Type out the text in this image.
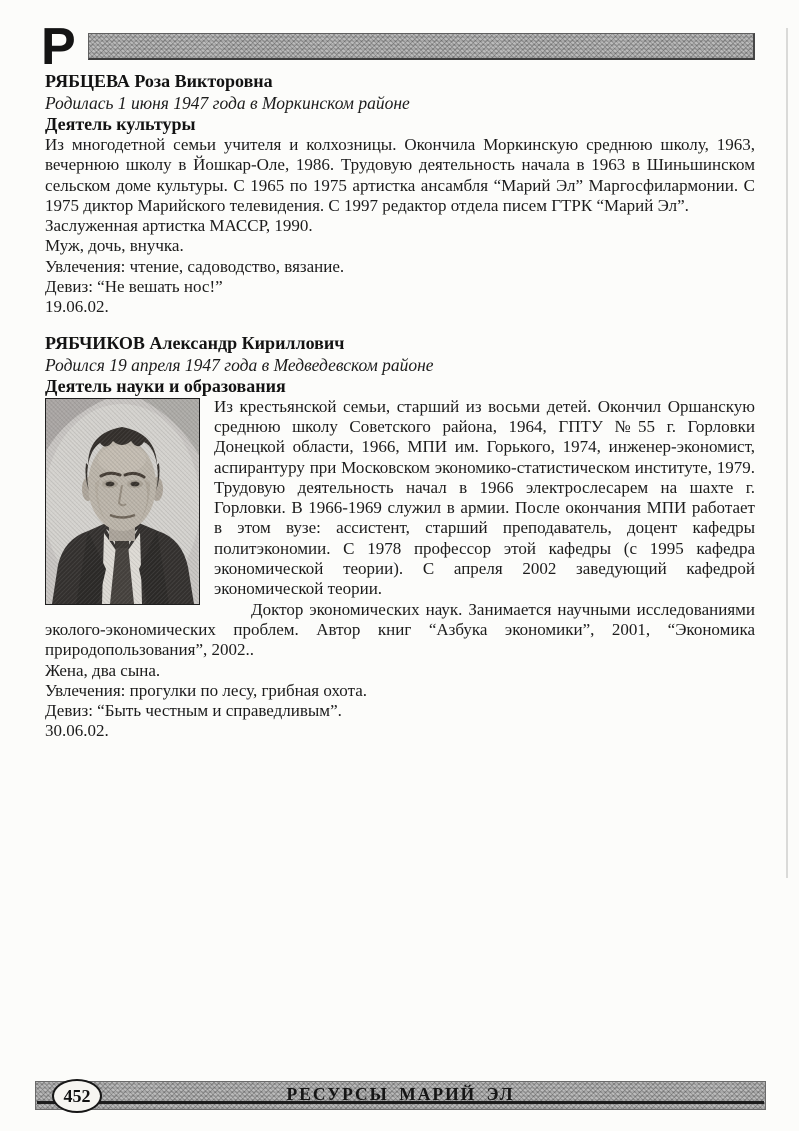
Р
РЯБЦЕВА Роза Викторовна
Родилась 1 июня 1947 года в Моркинском районе
Деятель культуры

Из многодетной семьи учителя и колхозницы. Окончила Моркинскую среднюю школу, 1963, вечернюю школу в Йошкар-Оле, 1986. Трудовую деятельность начала в 1963 в Шиньшинском сельском доме культуры. С 1965 по 1975 артистка ансамбля “Марий Эл” Маргосфилармонии. С 1975 диктор Марийского телевидения. С 1997 редактор отдела писем ГТРК “Марий Эл”.

Заслуженная артистка МАССР, 1990.
Муж, дочь, внучка.
Увлечения: чтение, садоводство, вязание.
Девиз: “Не вешать нос!”
19.06.02.
РЯБЧИКОВ Александр Кириллович
Родился 19 апреля 1947 года в Медведевском районе
Деятель науки и образования

Из крестьянской семьи, старший из восьми детей. Окончил Оршанскую среднюю школу Советского района, 1964, ГПТУ №55 г. Горловки Донецкой области, 1966, МПИ им. Горького, 1974, инженер-экономист, аспирантуру при Московском экономико-статистическом институте, 1979. Трудовую деятельность начал в 1966 электрослесарем на шахте г. Горловки. В 1966-1969 служил в армии. После окончания МПИ работает в этом вузе: ассистент, старший преподаватель, доцент кафедры политэкономии. С 1978 профессор этой кафедры (с 1995 кафедра экономической теории). С апреля 2002 заведующий кафедрой экономической теории.

Доктор экономических наук. Занимается научными исследованиями эколого-экономических проблем. Автор книг “Азбука экономики”, 2001, “Экономика природопользования”, 2002..

Жена, два сына.
Увлечения: прогулки по лесу, грибная охота.
Девиз: “Быть честным и справедливым”.
30.06.02.
452	РЕСУРСЫ МАРИЙ ЭЛ
